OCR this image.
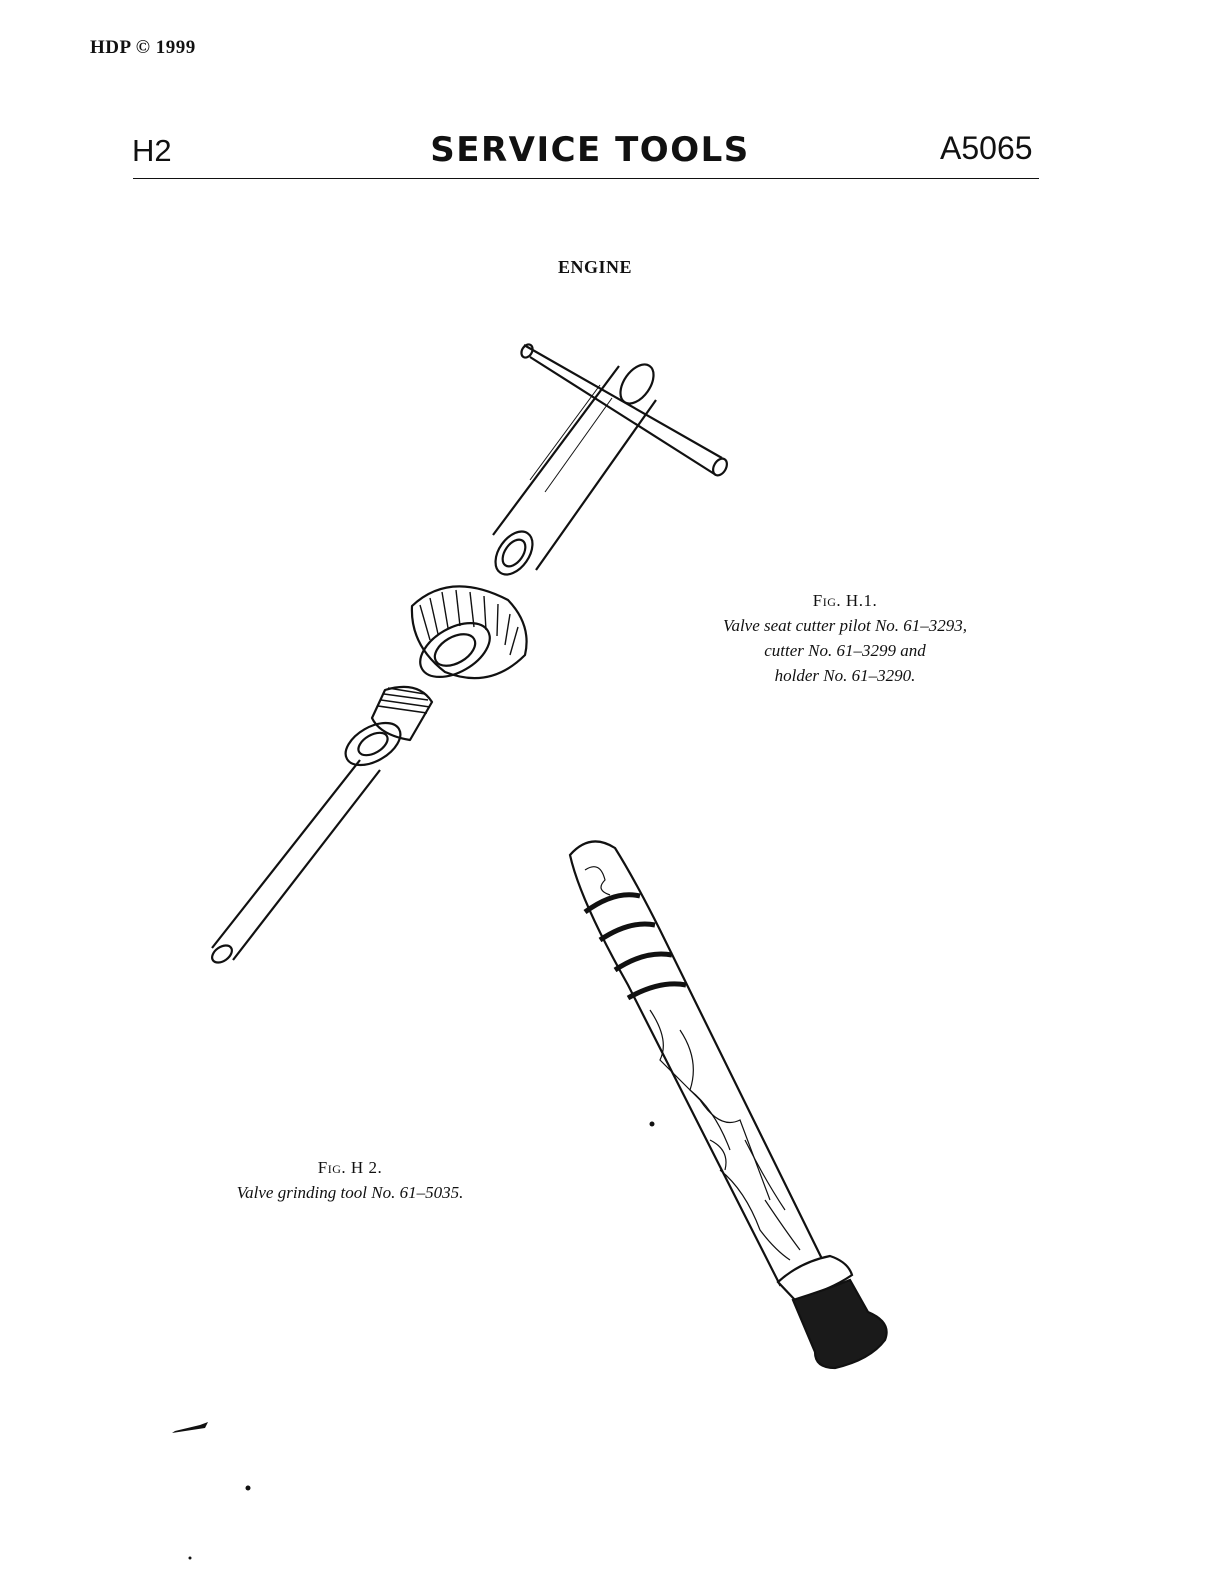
HDP © 1999
H2	SERVICE TOOLS	A5065
ENGINE
Fig. H.1.
Valve seat cutter pilot No. 61–3293,
cutter No. 61–3299 and
holder No. 61–3290.
Fig. H 2.
Valve grinding tool No. 61–5035.
